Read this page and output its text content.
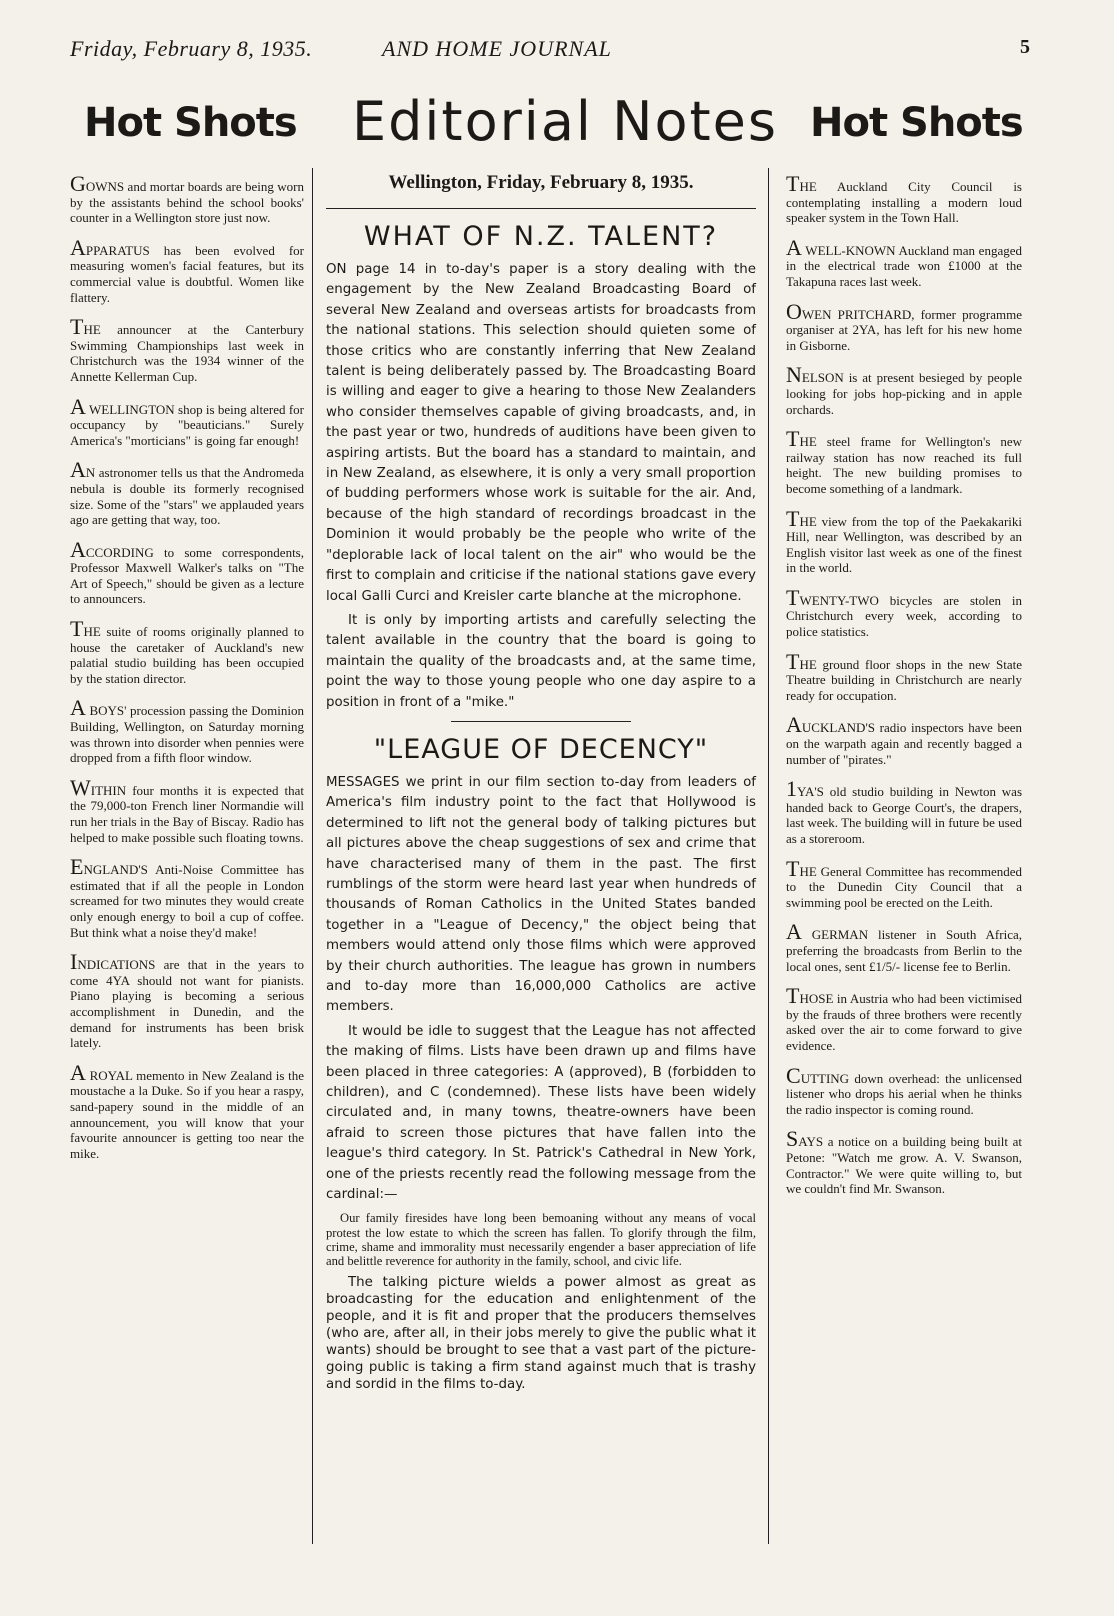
Friday, February 8, 1935.	AND HOME JOURNAL	5
Hot Shots Editorial Notes Hot Shots

GOWNS and mortar boards are being worn by the assistants behind the school books' counter in a Wellington store just now.

APPARATUS has been evolved for measuring women's facial features, but its commercial value is doubtful. Women like flattery.

THE announcer at the Canterbury Swimming Championships last week in Christchurch was the 1934 winner of the Annette Kellerman Cup.

A WELLINGTON shop is being altered for occupancy by "beauticians." Surely America's "morticians" is going far enough!

AN astronomer tells us that the Andromeda nebula is double its formerly recognised size. Some of the "stars" we applauded years ago are getting that way, too.

ACCORDING to some correspondents, Professor Maxwell Walker's talks on "The Art of Speech," should be given as a lecture to announcers.

THE suite of rooms originally planned to house the caretaker of Auckland's new palatial studio building has been occupied by the station director.

A BOYS' procession passing the Dominion Building, Wellington, on Saturday morning was thrown into disorder when pennies were dropped from a fifth floor window.

WITHIN four months it is expected that the 79,000-ton French liner Normandie will run her trials in the Bay of Biscay. Radio has helped to make possible such floating towns.

ENGLAND'S Anti-Noise Committee has estimated that if all the people in London screamed for two minutes they would create only enough energy to boil a cup of coffee. But think what a noise they'd make!

INDICATIONS are that in the years to come 4YA should not want for pianists. Piano playing is becoming a serious accomplishment in Dunedin, and the demand for instruments has been brisk lately.

A ROYAL memento in New Zealand is the moustache a la Duke. So if you hear a raspy, sand-papery sound in the middle of an announcement, you will know that your favourite announcer is getting too near the mike.

Wellington, Friday, February 8, 1935.
WHAT OF N.Z. TALENT?

ON page 14 in to-day's paper is a story dealing with the engagement by the New Zealand Broadcasting Board of several New Zealand and overseas artists for broadcasts from the national stations. This selection should quieten some of those critics who are constantly inferring that New Zealand talent is being deliberately passed by. The Broadcasting Board is willing and eager to give a hearing to those New Zealanders who consider themselves capable of giving broadcasts, and, in the past year or two, hundreds of auditions have been given to aspiring artists. But the board has a standard to maintain, and in New Zealand, as elsewhere, it is only a very small proportion of budding performers whose work is suitable for the air. And, because of the high standard of recordings broadcast in the Dominion it would probably be the people who write of the "deplorable lack of local talent on the air" who would be the first to complain and criticise if the national stations gave every local Galli Curci and Kreisler carte blanche at the microphone.

It is only by importing artists and carefully selecting the talent available in the country that the board is going to maintain the quality of the broadcasts and, at the same time, point the way to those young people who one day aspire to a position in front of a "mike."

"LEAGUE OF DECENCY"

MESSAGES we print in our film section to-day from leaders of America's film industry point to the fact that Hollywood is determined to lift not the general body of talking pictures but all pictures above the cheap suggestions of sex and crime that have characterised many of them in the past. The first rumblings of the storm were heard last year when hundreds of thousands of Roman Catholics in the United States banded together in a "League of Decency," the object being that members would attend only those films which were approved by their church authorities. The league has grown in numbers and to-day more than 16,000,000 Catholics are active members.

It would be idle to suggest that the League has not affected the making of films. Lists have been drawn up and films have been placed in three categories: A (approved), B (forbidden to children), and C (condemned). These lists have been widely circulated and, in many towns, theatre-owners have been afraid to screen those pictures that have fallen into the league's third category. In St. Patrick's Cathedral in New York, one of the priests recently read the following message from the cardinal:—

Our family firesides have long been bemoaning without any means of vocal protest the low estate to which the screen has fallen. To glorify through the film, crime, shame and immorality must necessarily engender a baser appreciation of life and belittle reverence for authority in the family, school, and civic life.

The talking picture wields a power almost as great as broadcasting for the education and enlightenment of the people, and it is fit and proper that the producers themselves (who are, after all, in their jobs merely to give the public what it wants) should be brought to see that a vast part of the picture-going public is taking a firm stand against much that is trashy and sordid in the films to-day.

THE Auckland City Council is contemplating installing a modern loud speaker system in the Town Hall.

A WELL-KNOWN Auckland man engaged in the electrical trade won £1000 at the Takapuna races last week.

OWEN PRITCHARD, former programme organiser at 2YA, has left for his new home in Gisborne.

NELSON is at present besieged by people looking for jobs hop-picking and in apple orchards.

THE steel frame for Wellington's new railway station has now reached its full height. The new building promises to become something of a landmark.

THE view from the top of the Paekakariki Hill, near Wellington, was described by an English visitor last week as one of the finest in the world.

TWENTY-TWO bicycles are stolen in Christchurch every week, according to police statistics.

THE ground floor shops in the new State Theatre building in Christchurch are nearly ready for occupation.

AUCKLAND'S radio inspectors have been on the warpath again and recently bagged a number of "pirates."

1YA'S old studio building in Newton was handed back to George Court's, the drapers, last week. The building will in future be used as a storeroom.

THE General Committee has recommended to the Dunedin City Council that a swimming pool be erected on the Leith.

A GERMAN listener in South Africa, preferring the broadcasts from Berlin to the local ones, sent £1/5/- license fee to Berlin.

THOSE in Austria who had been victimised by the frauds of three brothers were recently asked over the air to come forward to give evidence.

CUTTING down overhead: the unlicensed listener who drops his aerial when he thinks the radio inspector is coming round.

SAYS a notice on a building being built at Petone: "Watch me grow. A. V. Swanson, Contractor." We were quite willing to, but we couldn't find Mr. Swanson.
